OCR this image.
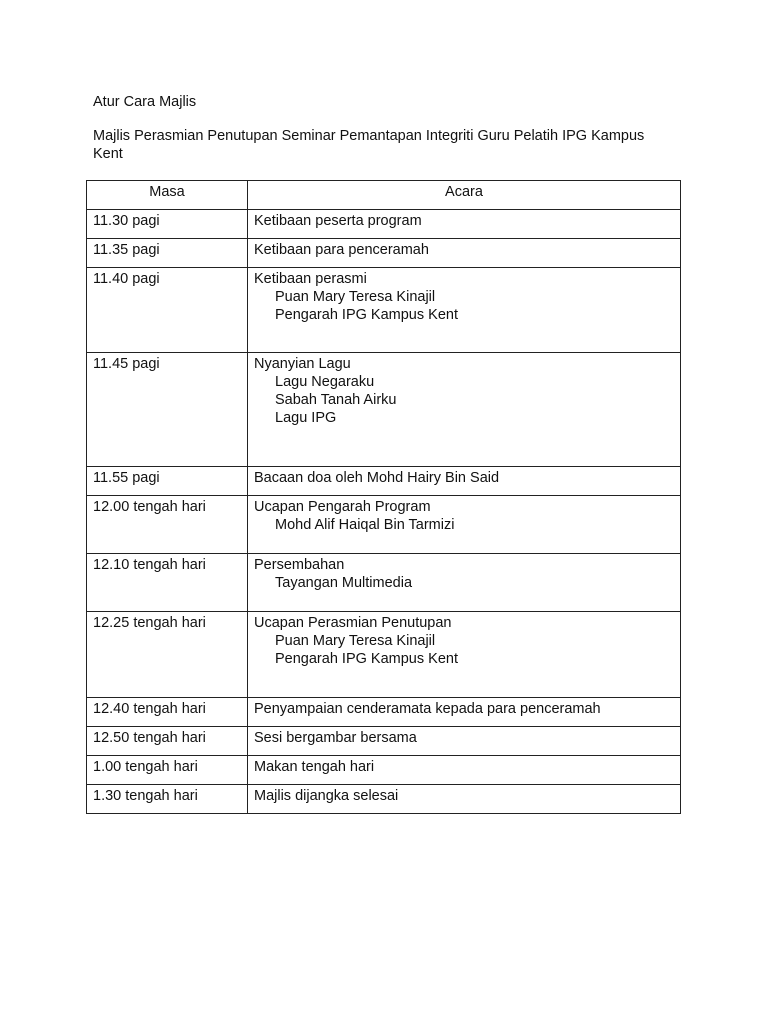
Atur Cara Majlis

Majlis Perasmian Penutupan Seminar Pemantapan Integriti Guru Pelatih IPG Kampus Kent

Masa	Acara
11.30 pagi	Ketibaan peserta program

11.35 pagi	Ketibaan para penceramah

11.40 pagi	Ketibaan perasmi
Puan Mary Teresa Kinajil
Pengarah IPG Kampus Kent

11.45 pagi	Nyanyian Lagu
Lagu Negaraku
Sabah Tanah Airku
Lagu IPG

11.55 pagi	Bacaan doa oleh Mohd Hairy Bin Said

12.00 tengah hari	Ucapan Pengarah Program
Mohd Alif Haiqal Bin Tarmizi

12.10 tengah hari	Persembahan
Tayangan Multimedia

12.25 tengah hari	Ucapan Perasmian Penutupan
Puan Mary Teresa Kinajil
Pengarah IPG Kampus Kent

12.40 tengah hari	Penyampaian cenderamata kepada para penceramah

12.50 tengah hari	Sesi bergambar bersama

1.00 tengah hari	Makan tengah hari

1.30 tengah hari	Majlis dijangka selesai
